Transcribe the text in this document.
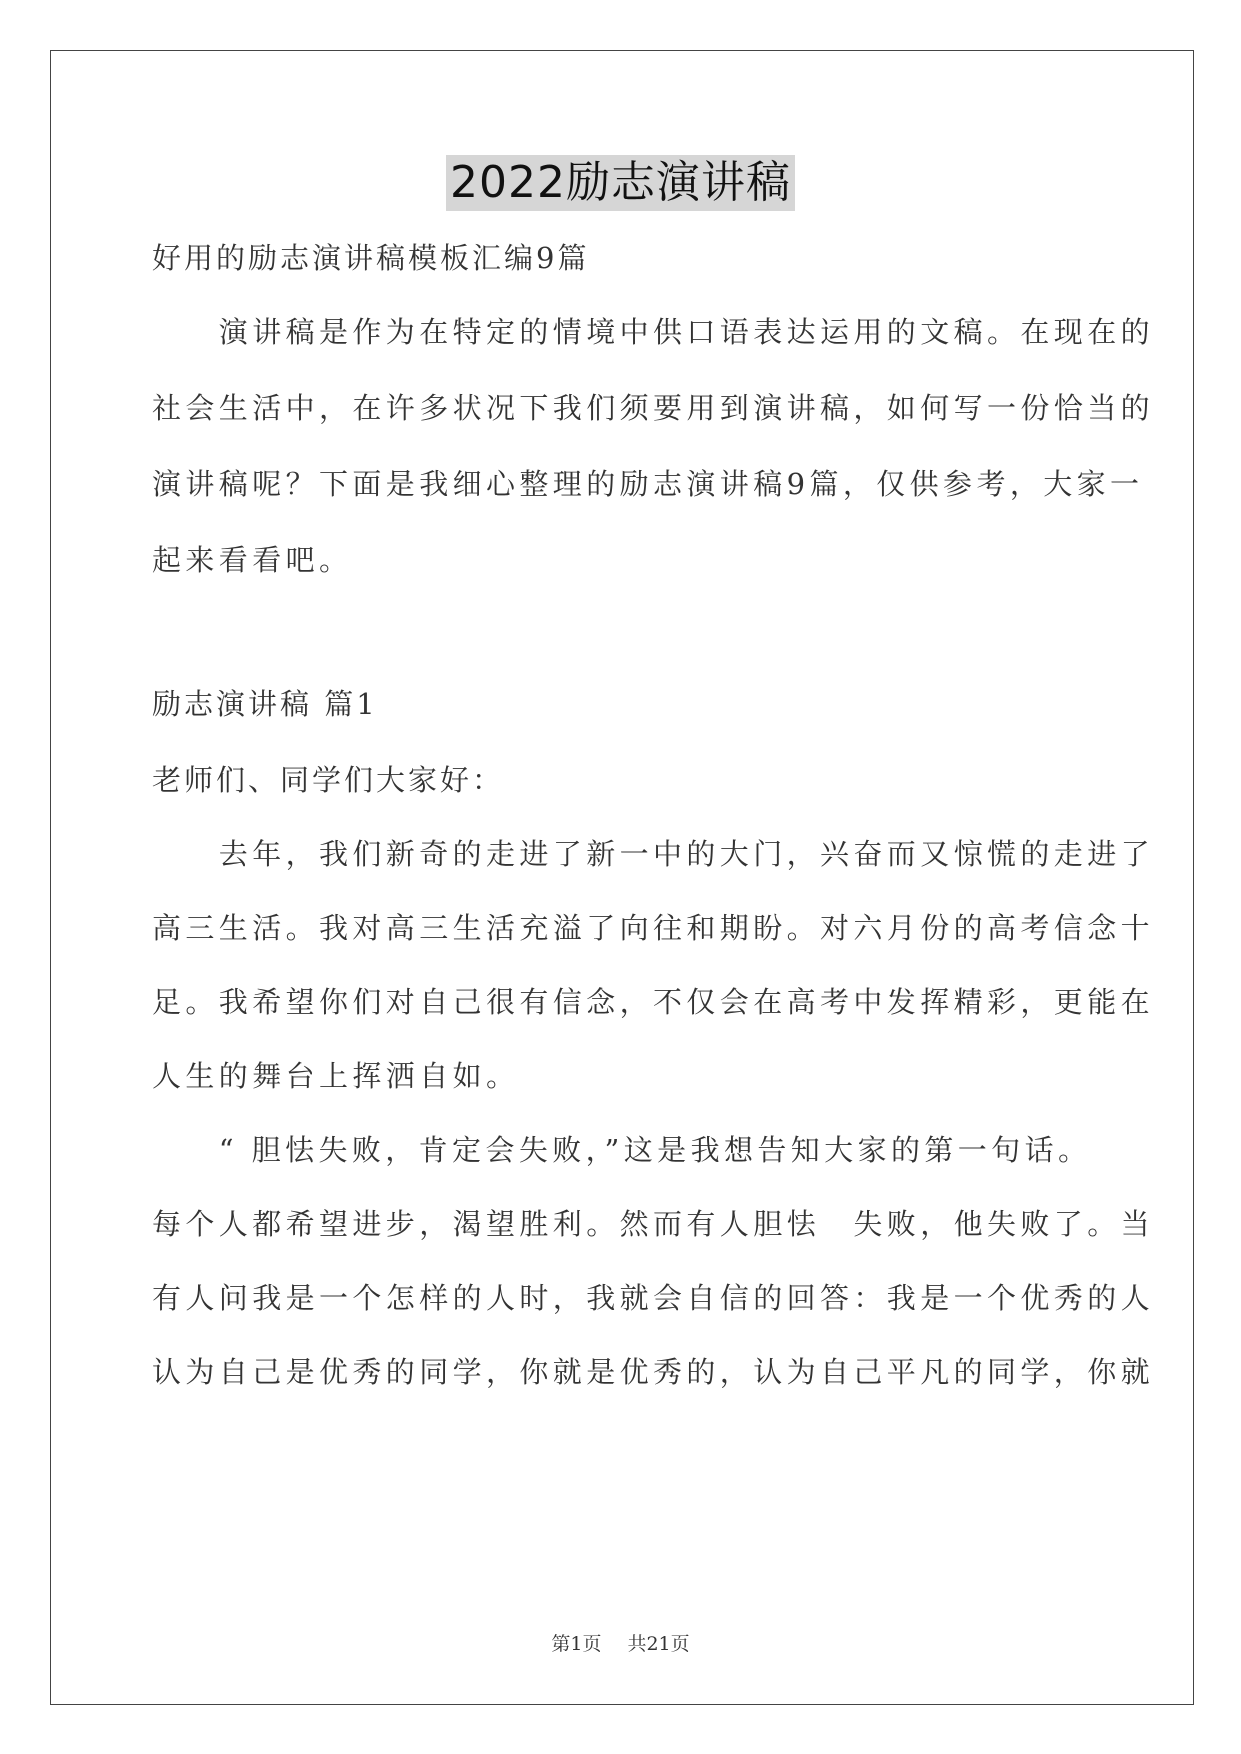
2022励志演讲稿
好用的励志演讲稿模板汇编9篇
　　演讲稿是作为在特定的情境中供口语表达运用的文稿。在现在的
社会生活中，在许多状况下我们须要用到演讲稿，如何写一份恰当的
演讲稿呢？下面是我细心整理的励志演讲稿9篇，仅供参考，大家一
起来看看吧。
励志演讲稿 篇1
老师们、同学们大家好：
　　去年，我们新奇的走进了新一中的大门，兴奋而又惊慌的走进了
高三生活。我对高三生活充溢了向往和期盼。对六月份的高考信念十
足。我希望你们对自己很有信念，不仅会在高考中发挥精彩，更能在
人生的舞台上挥洒自如。
　　“ 胆怯失败，肯定会失败，”这是我想告知大家的第一句话。
每个人都希望进步，渴望胜利。然而有人胆怯　失败，他失败了。当
有人问我是一个怎样的人时，我就会自信的回答：我是一个优秀的人
认为自己是优秀的同学，你就是优秀的，认为自己平凡的同学，你就
第1页 共21页
